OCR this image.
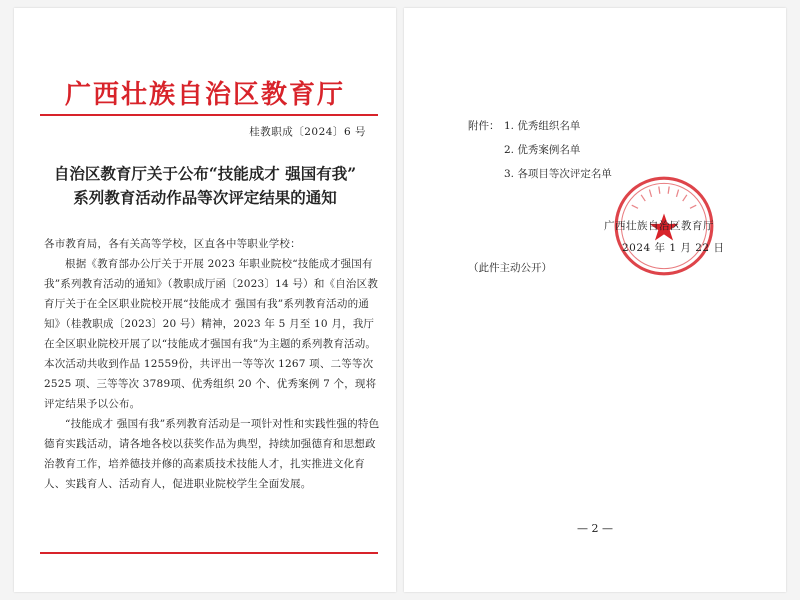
广西壮族自治区教育厅
桂教职成〔2024〕6 号
自治区教育厅关于公布“技能成才 强国有我”
系列教育活动作品等次评定结果的通知

各市教育局，各有关高等学校，区直各中等职业学校：

根据《教育部办公厅关于开展 2023 年职业院校“技能成才强国有我”系列教育活动的通知》（教职成厅函〔2023〕14 号）和《自治区教育厅关于在全区职业院校开展“技能成才 强国有我”系列教育活动的通知》（桂教职成〔2023〕20 号）精神，2023 年 5 月至 10 月，我厅在全区职业院校开展了以“技能成才强国有我”为主题的系列教育活动。本次活动共收到作品 12559份，共评出一等等次 1267 项、二等等次 2525 项、三等等次 3789项、优秀组织 20 个、优秀案例 7 个，现将评定结果予以公布。

“技能成才 强国有我”系列教育活动是一项针对性和实践性强的特色德育实践活动，请各地各校以获奖作品为典型，持续加强德育和思想政治教育工作，培养德技并修的高素质技术技能人才，扎实推进文化育人、实践育人、活动育人，促进职业院校学生全面发展。

附件： 1. 优秀组织名单
2. 优秀案例名单
3. 各项目等次评定名单
广西壮族自治区教育厅
2024 年 1 月 22 日
（此件主动公开）
— 2 —
